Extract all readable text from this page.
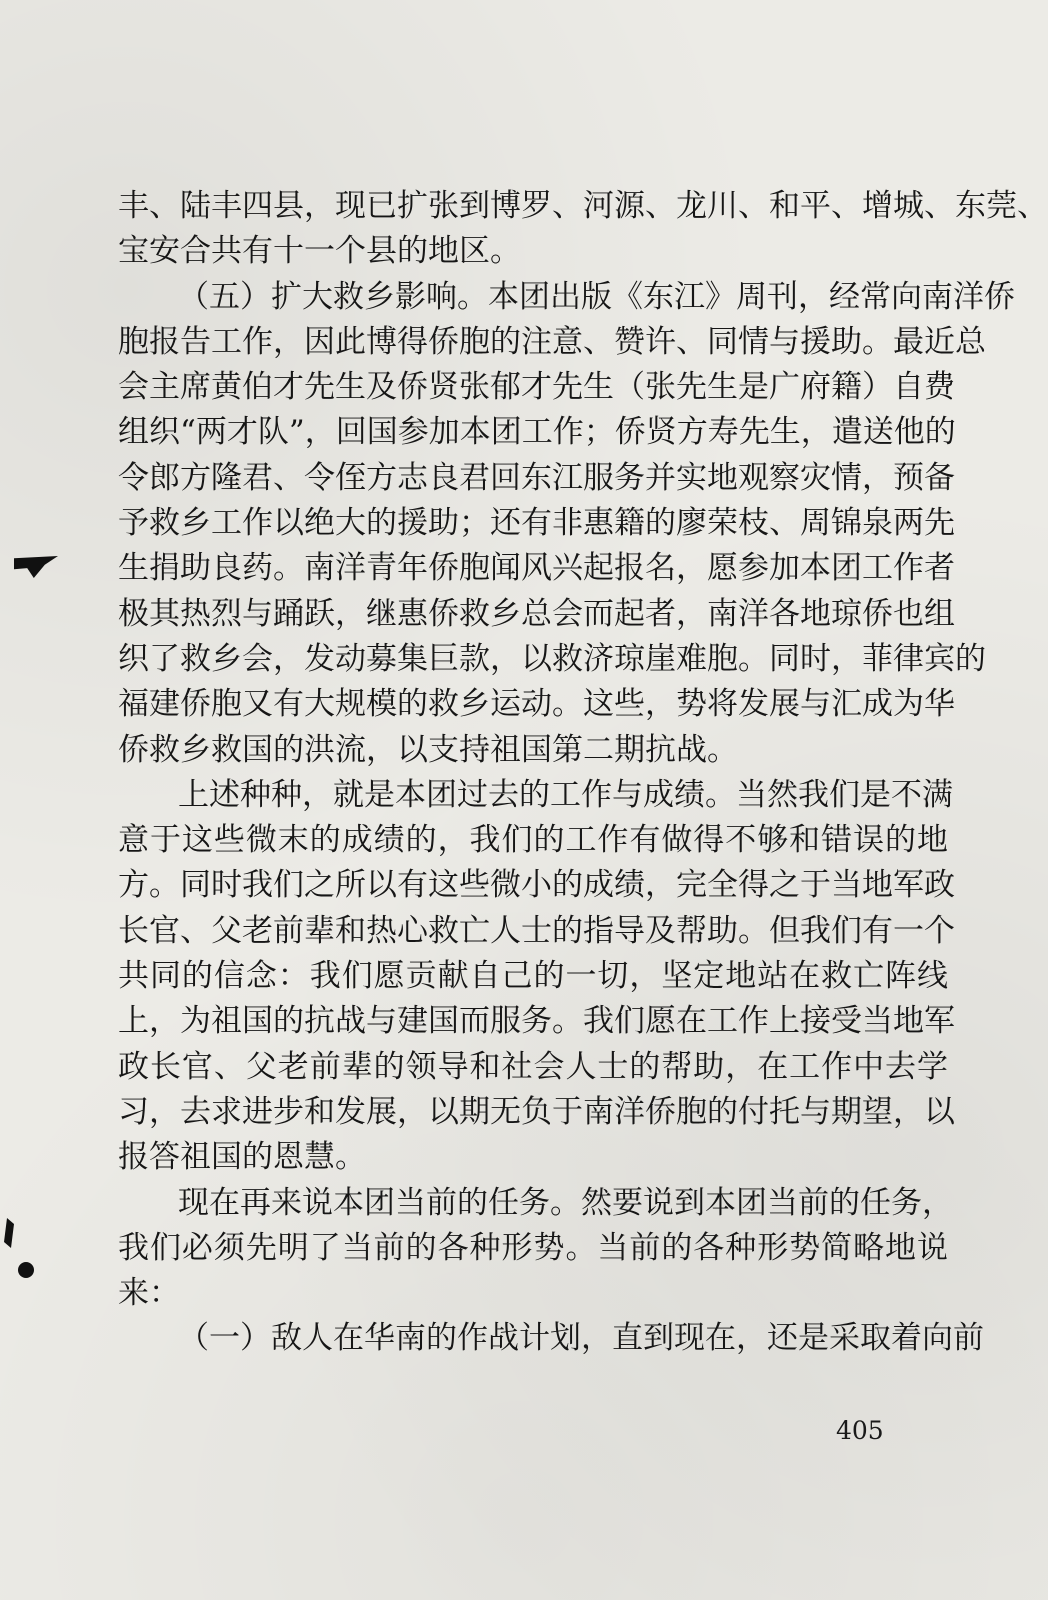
丰、陆丰四县，现已扩张到博罗、河源、龙川、和平、增城、东莞、
宝安合共有十一个县的地区。
（五）扩大救乡影响。本团出版《东江》周刊，经常向南洋侨
胞报告工作，因此博得侨胞的注意、赞许、同情与援助。最近总
会主席黄伯才先生及侨贤张郁才先生（张先生是广府籍）自费
组织“两才队”，回国参加本团工作；侨贤方寿先生，遣送他的
令郎方隆君、令侄方志良君回东江服务并实地观察灾情，预备
予救乡工作以绝大的援助；还有非惠籍的廖荣枝、周锦泉两先
生捐助良药。南洋青年侨胞闻风兴起报名，愿参加本团工作者
极其热烈与踊跃，继惠侨救乡总会而起者，南洋各地琼侨也组
织了救乡会，发动募集巨款，以救济琼崖难胞。同时，菲律宾的
福建侨胞又有大规模的救乡运动。这些，势将发展与汇成为华
侨救乡救国的洪流，以支持祖国第二期抗战。
上述种种，就是本团过去的工作与成绩。当然我们是不满
意于这些微末的成绩的，我们的工作有做得不够和错误的地
方。同时我们之所以有这些微小的成绩，完全得之于当地军政
长官、父老前辈和热心救亡人士的指导及帮助。但我们有一个
共同的信念：我们愿贡献自己的一切，坚定地站在救亡阵线
上，为祖国的抗战与建国而服务。我们愿在工作上接受当地军
政长官、父老前辈的领导和社会人士的帮助，在工作中去学
习，去求进步和发展，以期无负于南洋侨胞的付托与期望，以
报答祖国的恩慧。
现在再来说本团当前的任务。然要说到本团当前的任务，
我们必须先明了当前的各种形势。当前的各种形势简略地说
来：
（一）敌人在华南的作战计划，直到现在，还是采取着向前
405
